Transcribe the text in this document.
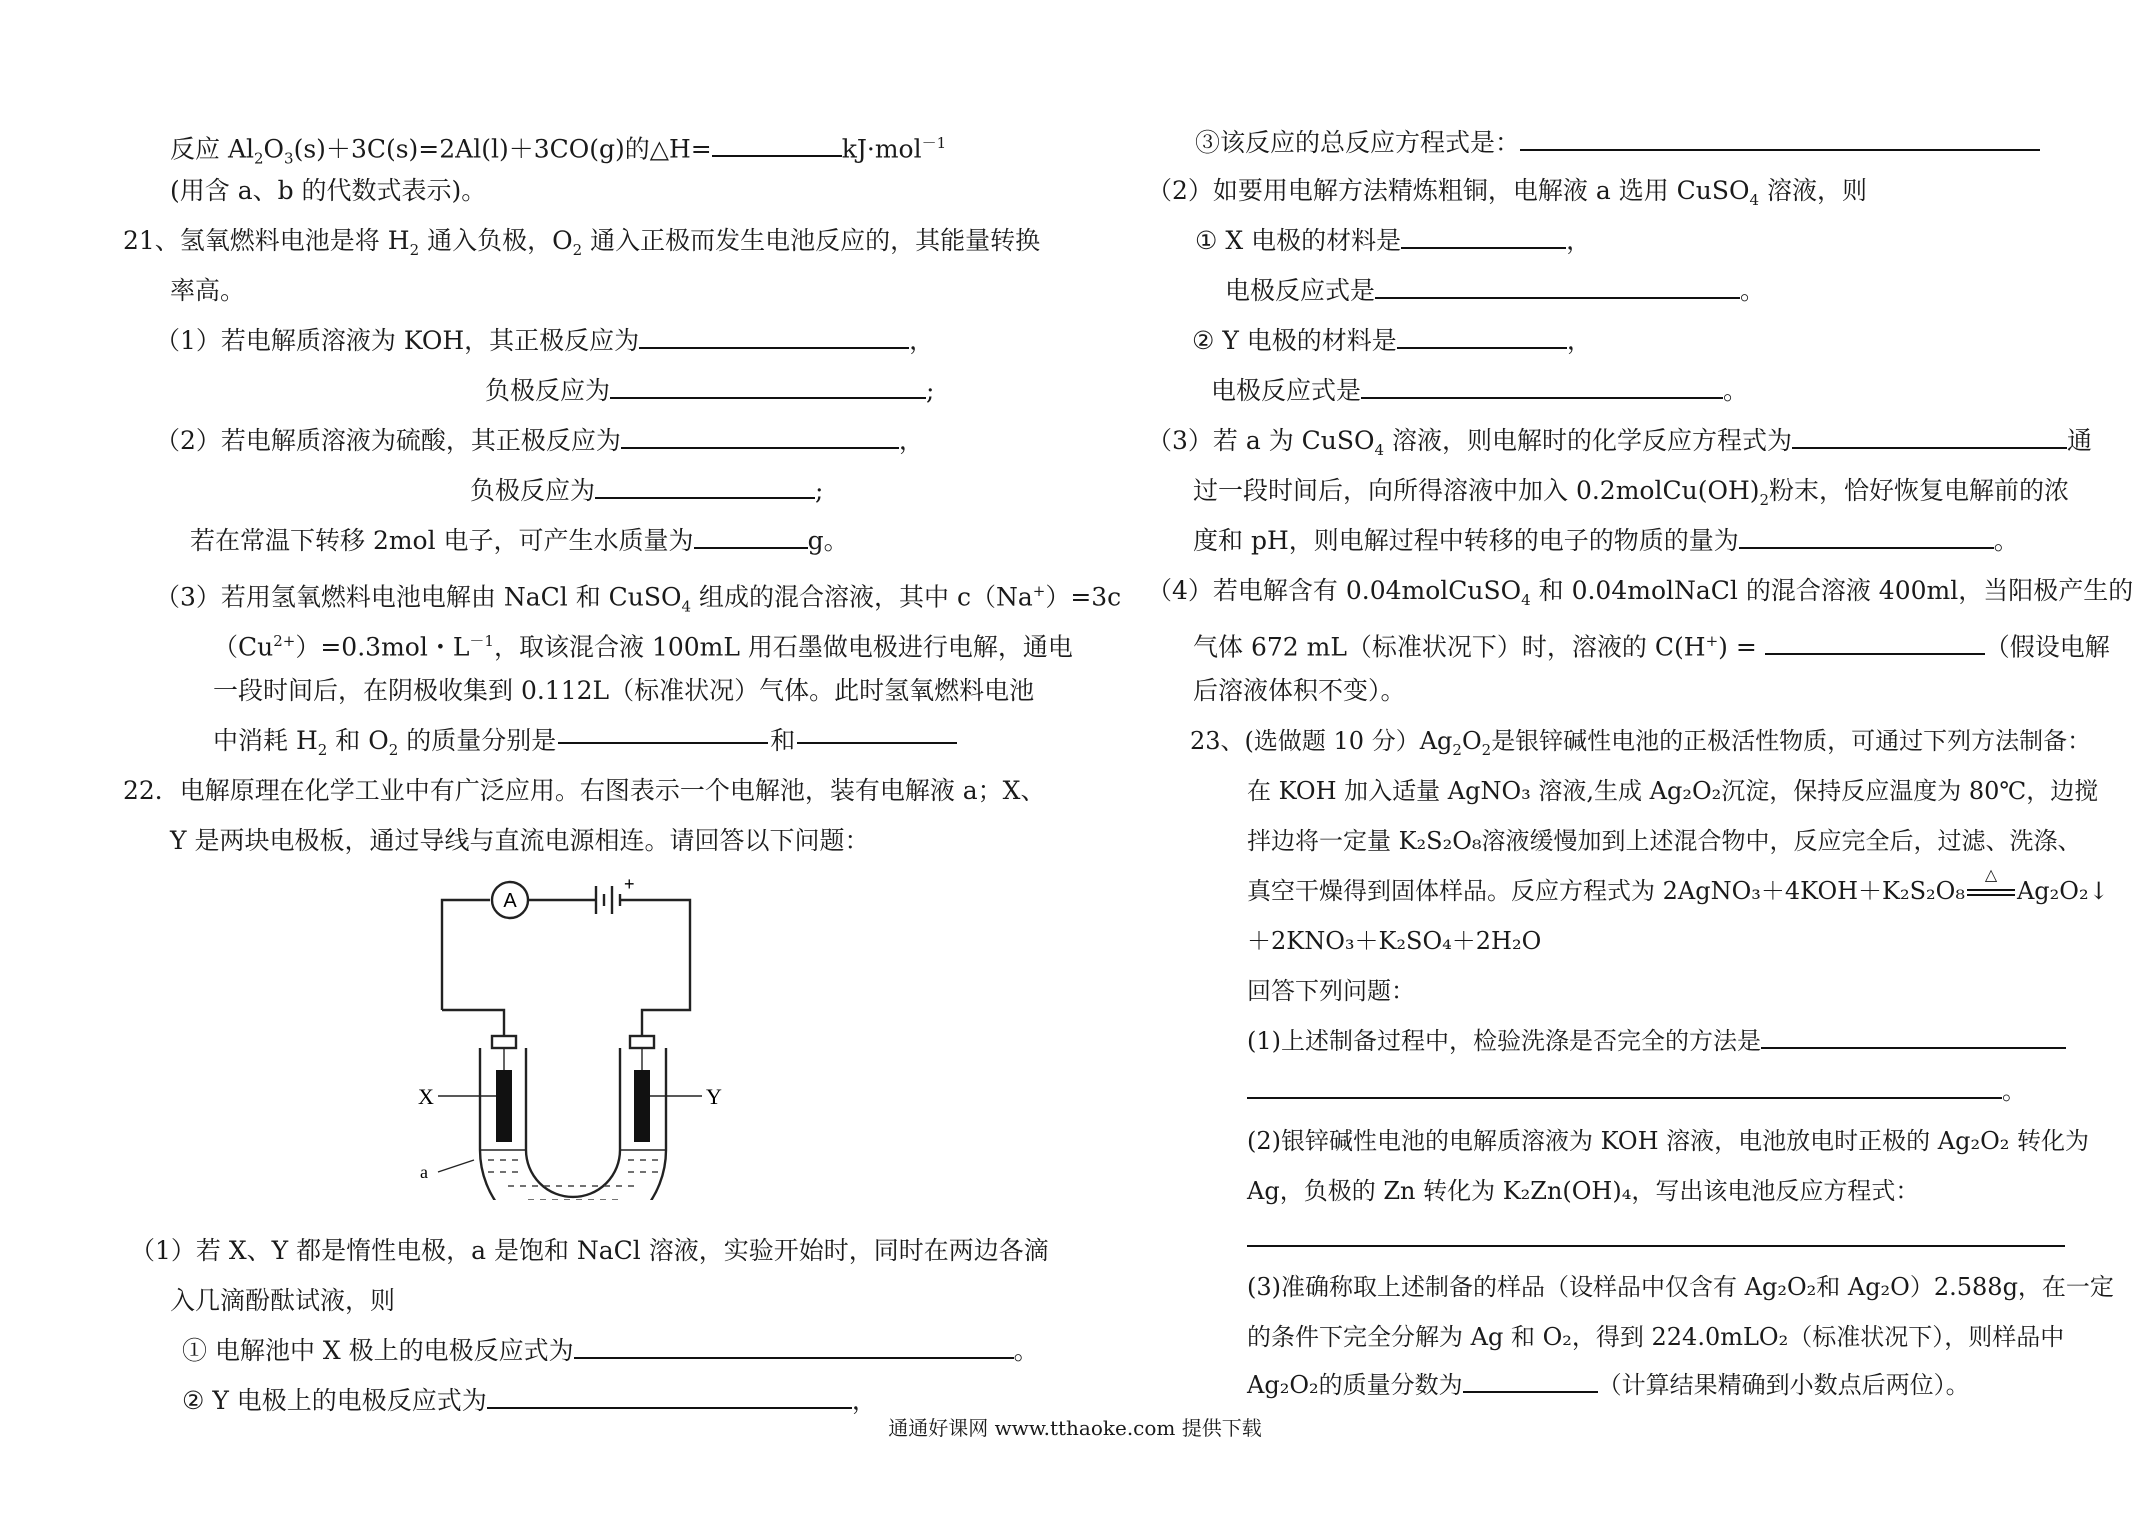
反应 $Al_2O_3(s)+3C(s)=2Al(l)+3CO(g)$的△H=	kJ·mol$^{-1}$
(用含 a、b 的代数式表示)。
21、氢氧燃料电池是将 $H_2$ 通入负极，$O_2$ 通入正极而发生电池反应的，其能量转换
率高。
（1）若电解质溶液为 KOH，其正极反应为	，
负极反应为	;
（2）若电解质溶液为硫酸，其正极反应为	，
负极反应为	;
若在常温下转移 2mol 电子，可产生水质量为	g。
（3）若用氢氧燃料电池电解由 NaCl 和 CuSO$_4$ 组成的混合溶液，其中 c（Na+）=3c
$(Cu^{2+})=0.3mol$・$L^{-1}$，取该混合液 100mL 用石墨做电极进行电解，通电
一段时间后，在阴极收集到 0.112L（标准状况）气体。此时氢氧燃料电池
中消耗 $H_2$ 和 $O_2$ 的质量分别是	和
22．电解原理在化学工业中有广泛应用。右图表示一个电解池，装有电解液 a；X、
Y 是两块电极板，通过导线与直流电源相连。请回答以下问题：
A
+
X	Y
a
（1）若 X、Y 都是惰性电极，a 是饱和 NaCl 溶液，实验开始时，同时在两边各滴
入几滴酚酞试液，则
① 电解池中 X 极上的电极反应式为	。
② Y 电极上的电极反应式为	，
③该反应的总反应方程式是：
（2）如要用电解方法精炼粗铜，电解液 a 选用 CuSO$_4$ 溶液，则
① X 电极的材料是	，
电极反应式是	。
② Y 电极的材料是	，
电极反应式是	。
（3）若 a 为 CuSO$_4$ 溶液，则电解时的化学反应方程式为	通
过一段时间后，向所得溶液中加入 $0.2molCu(OH)_2$粉末，恰好恢复电解前的浓
度和 pH，则电解过程中转移的电子的物质的量为	。
（4）若电解含有 0.04molCuSO$_4$ 和 0.04molNaCl 的混合溶液 400ml，当阳极产生的
气体 672 mL（标准状况下）时，溶液的 C(H+) =	（假设电解
后溶液体积不变）。
23、(选做题 10 分）$Ag_2O_2$是银锌碱性电池的正极活性物质，可通过下列方法制备：
在 KOH 加入适量 AgNO₃ 溶液,生成 Ag₂O₂沉淀，保持反应温度为 80℃，边搅
拌边将一定量 K₂S₂O₈溶液缓慢加到上述混合物中，反应完全后，过滤、洗涤、
真空干燥得到固体样品。反应方程式为 2AgNO₃＋4KOH＋K₂S₂O₈
△
Ag₂O₂↓
＋2KNO₃＋K₂SO₄＋2H₂O
回答下列问题：
(1)上述制备过程中，检验洗涤是否完全的方法是
。
(2)银锌碱性电池的电解质溶液为 KOH 溶液，电池放电时正极的 Ag₂O₂ 转化为
Ag，负极的 Zn 转化为 K₂Zn(OH)₄，写出该电池反应方程式：
(3)准确称取上述制备的样品（设样品中仅含有 Ag₂O₂和 Ag₂O）2.588g，在一定
的条件下完全分解为 Ag 和 O₂，得到 224.0mLO₂（标准状况下），则样品中
Ag₂O₂的质量分数为	（计算结果精确到小数点后两位）。
通通好课网 www.tthaoke.com 提供下载
